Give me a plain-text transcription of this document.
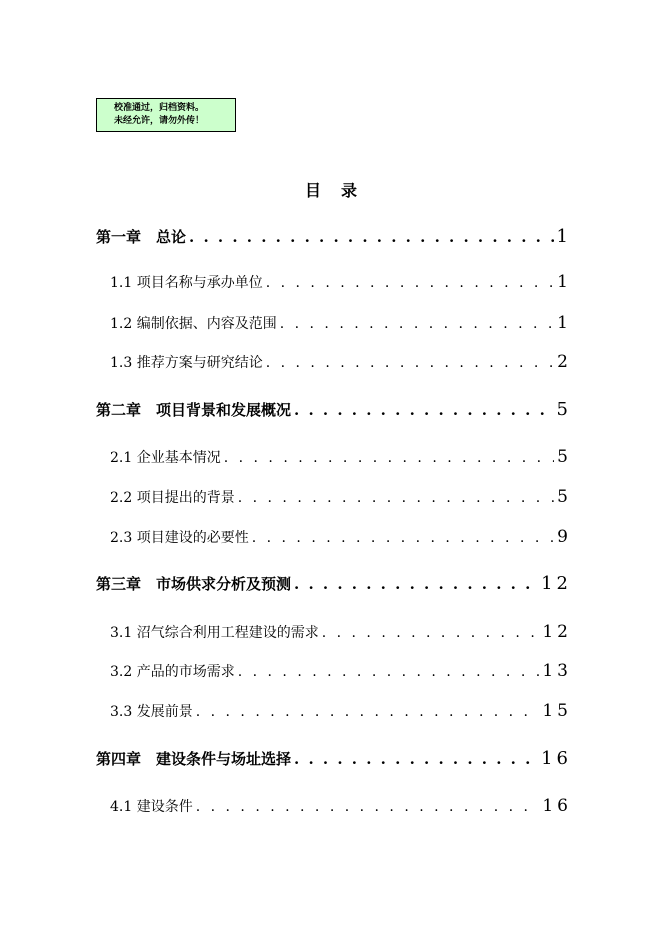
校准通过，归档资料。
未经允许，请勿外传！
目录
第一章　总论 . . .	1
1.1 项目名称与承办单位 . . .	1
1.2 编制依据、内容及范围 . . .	1
1.3 推荐方案与研究结论 . . .	2
第二章　项目背景和发展概况 . . .	5
2.1 企业基本情况 . . .	5
2.2 项目提出的背景 . . .	5
2.3 项目建设的必要性 . . .	9
第三章　市场供求分析及预测 . . .	12
3.1 沼气综合利用工程建设的需求 . . .	12
3.2 产品的市场需求 . . .	13
3.3 发展前景 . . .	15
第四章　建设条件与场址选择 . . .	16
4.1 建设条件 . . .	16
